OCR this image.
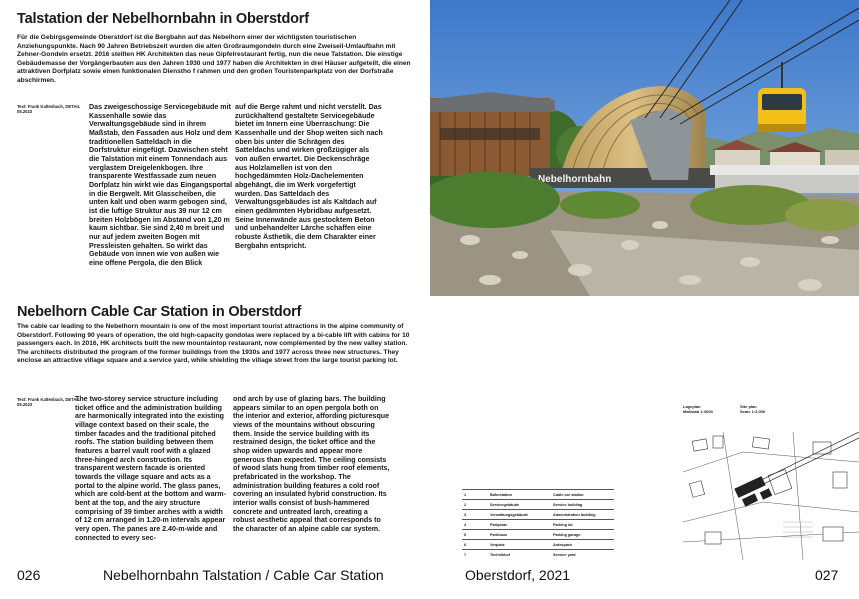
Talstation der Nebelhornbahn in Oberstdorf

Für die Gebirgsgemeinde Oberstdorf ist die Bergbahn auf das Nebelhorn einer der wichtigsten touristischen Anziehungspunkte. Nach 90 Jahren Betriebszeit wurden die alten Großraumgondeln durch eine Zweiseil-Umlaufbahn mit Zehner-Gondeln ersetzt. 2016 stellten HK Architekten das neue Gipfelrestaurant fertig, nun die neue Talstation. Die einstige Gebäudemasse der Vorgängerbauten aus den Jahren 1930 und 1977 haben die Architekten in drei Häuser aufgeteilt, die einen attraktiven Dorfplatz sowie einen funktionalen Dienstho f rahmen und den großen Touristenparkplatz von der Dorfstraße abschirmen.

Text: Frank Kaltenbach, DETAIL 05.2023

Das zweigeschossige Servicegebäude mit Kassenhalle sowie das Verwaltungsgebäude sind in ihrem Maßstab, den Fassaden aus Holz und dem traditionellen Satteldach in die Dorfstruktur eingefügt. Dazwischen steht die Talstation mit einem Tonnendach aus verglastem Dreigelenkbogen. Ihre transparente Westfassade zum neuen Dorfplatz hin wirkt wie das Eingangsportal in die Bergwelt. Mit Glasscheiben, die unten kalt und oben warm gebogen sind, ist die luftige Struktur aus 39 nur 12 cm breiten Holzbögen im Abstand von 1,20 m kaum sichtbar. Sie sind 2,40 m breit und nur auf jedem zweiten Bogen mit Pressleisten gehalten. So wirkt das Gebäude von innen wie von außen wie eine offene Pergola, die den Blick

auf die Berge rahmt und nicht verstellt. Das zurückhaltend gestaltete Servicegebäude bietet im Innern eine Überraschung: Die Kassenhalle und der Shop weiten sich nach oben bis unter die Schrägen des Satteldachs und wirken großzügiger als von außen erwartet. Die Deckenschräge aus Holzlamellen ist von den hochgedämmten Holz-Dachelementen abgehängt, die im Werk vorgefertigt wurden. Das Satteldach des Verwaltungsgebäudes ist als Kaltdach auf einen gedämmten Hybridbau aufgesetzt. Seine Innenwände aus gestocktem Beton und unbehandelter Lärche schaffen eine robuste Ästhetik, die dem Charakter einer Bergbahn entspricht.

Nebelhorn Cable Car Station in Oberstdorf

The cable car leading to the Nebelhorn mountain is one of the most important tourist attractions in the alpine community of Oberstdorf. Following 90 years of operation, the old high-capacity gondolas were replaced by a bi-cable lift with cabins for 10 passengers each. In 2016, HK architects built the new mountaintop restaurant, now complemented by the new valley station. The architects distributed the program of the former buildings from the 1930s and 1977 across three new structures. They enclose an attractive village square and a service yard, while shielding the village street from the large tourist parking lot.

Text: Frank Kaltenbach, DETAIL 05.2023

The two-storey service structure including ticket office and the administration building are harmonically integrated into the existing village context based on their scale, the timber facades and the traditional pitched roofs. The station building between them features a barrel vault roof with a glazed three-hinged arch construction. Its transparent western facade is oriented towards the village square and acts as a portal to the alpine world. The glass panes, which are cold-bent at the bottom and warm-bent at the top, and the airy structure comprising of 39 timber arches with a width of 12 cm arranged in 1.20-m intervals appear very open. The panes are 2.40-m-wide and connected to every sec-

ond arch by use of glazing bars. The building appears similar to an open pergola both on the interior and exterior, affording picturesque views of the mountains without obscuring them. Inside the service building with its restrained design, the ticket office and the shop widen upwards and appear more generous than expected. The ceiling consists of wood slats hung from timber roof elements, prefabricated in the workshop. The administration building features a cold roof covering an insulated hybrid construction. Its interior walls consist of bush-hammered concrete and untreated larch, creating a robust aesthetic appeal that corresponds to the character of an alpine cable car system.

Nebelhornbahn
1	Bahnstation	Cable car station
2	Servicegebäude	Service building
3	Verwaltungsgebäude	Administration building
4	Parkplatz	Parking lot
5	Parkhaus	Parking garage
6	Vorplatz	Antespace
7	Technikhof	Service yard
Lageplan
Maßstab 1:3000
Site plan
Scale 1:3,000
026	Nebelhornbahn Talstation / Cable Car Station	Oberstdorf, 2021	027
